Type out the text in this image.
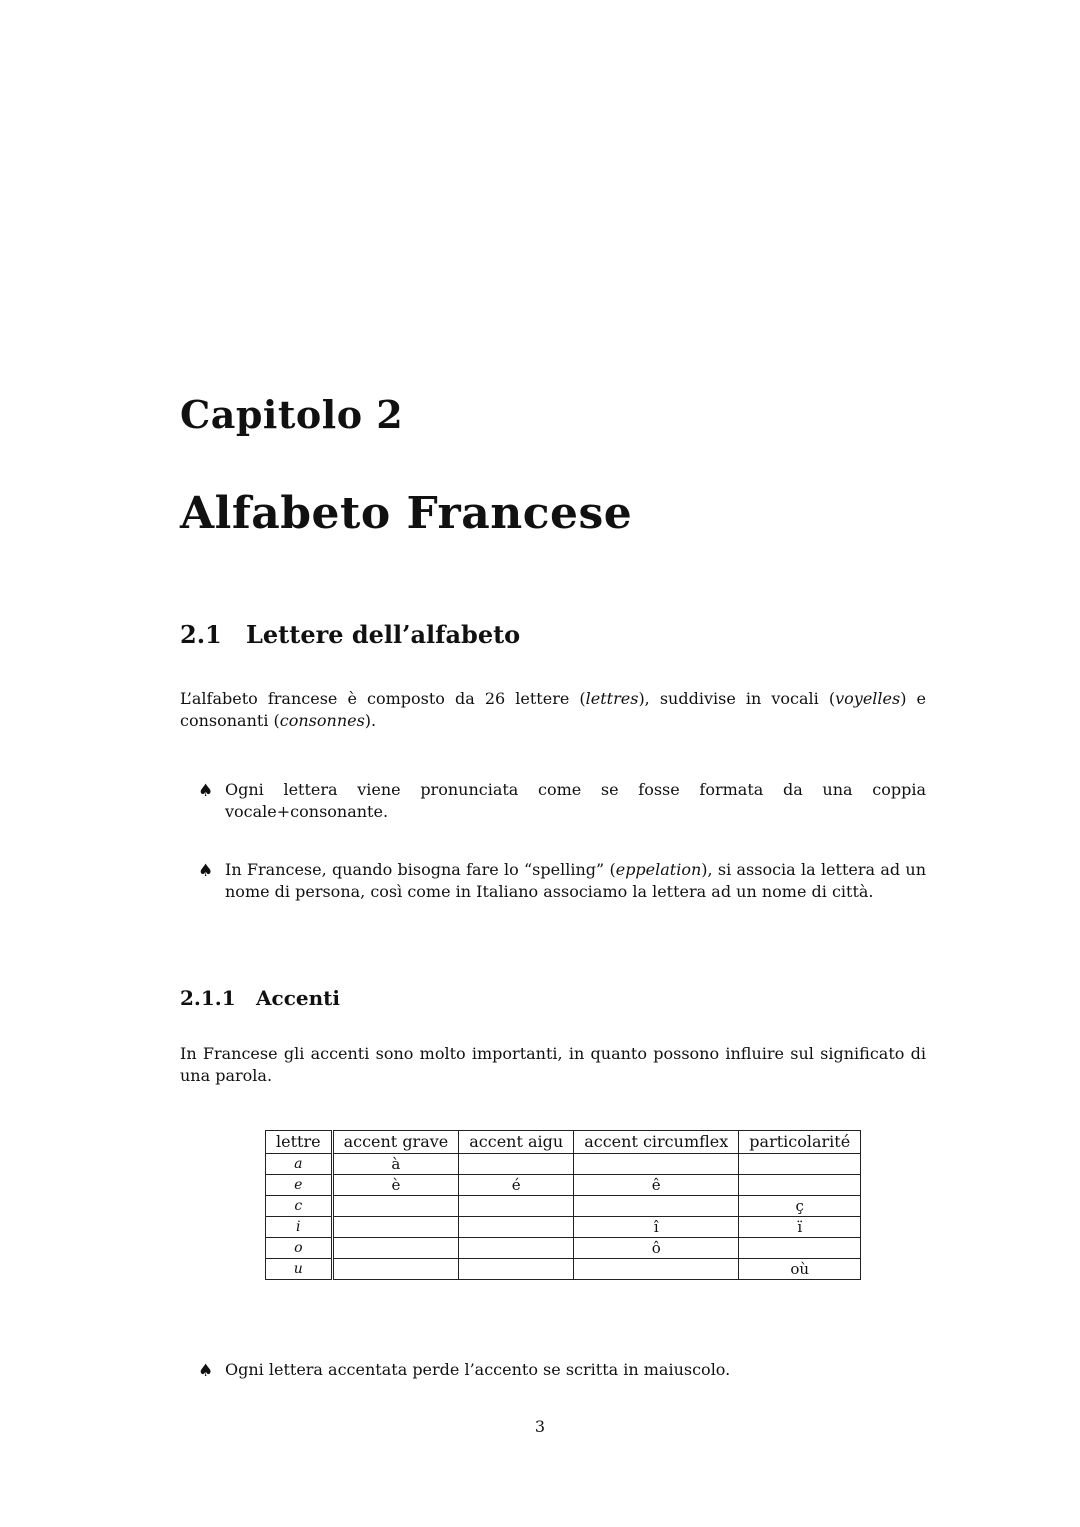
Capitolo 2
Alfabeto Francese
2.1 Lettere dell’alfabeto
L’alfabeto francese è composto da 26 lettere (lettres), suddivise in vocali (voyelles) e consonanti (consonnes).
♠ Ogni lettera viene pronunciata come se fosse formata da una coppia vocale+consonante.
♠ In Francese, quando bisogna fare lo “spelling” (eppelation), si associa la lettera ad un nome di persona, così come in Italiano associamo la lettera ad un nome di città.
2.1.1 Accenti
In Francese gli accenti sono molto importanti, in quanto possono influire sul significato di una parola.
lettre	accent grave	accent aigu	accent circumflex	particolarité
a	à			
e	è	é	ê	
c				ç
i			î	ï
o			ô	
u				où
♠ Ogni lettera accentata perde l’accento se scritta in maiuscolo.
3
